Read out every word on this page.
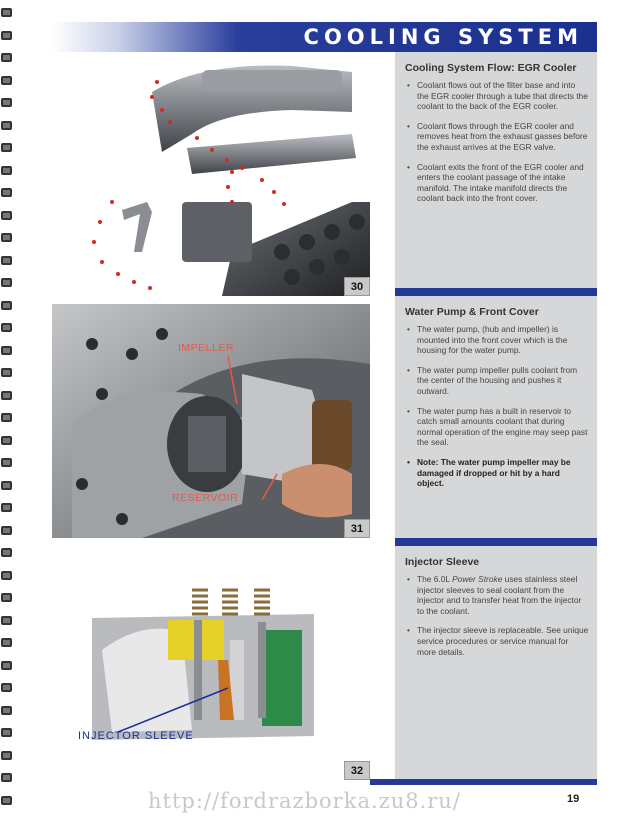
COOLING SYSTEM
30
Cooling System Flow: EGR Cooler
• Coolant flows out of the filter base and into the EGR cooler through a tube that directs the coolant to the back of the EGR cooler.
• Coolant flows through the EGR cooler and removes heat from the exhaust gasses before the exhaust arrives at the EGR valve.
• Coolant exits the front of the EGR cooler and enters the coolant passage of the intake manifold. The intake manifold directs the coolant back into the front cover.
IMPELLER
RESERVOIR
31
Water Pump & Front Cover
• The water pump, (hub and impeller) is mounted into the front cover which is the housing for the water pump.
• The water pump impeller pulls coolant from the center of the housing and pushes it outward.
• The water pump has a built in reservoir to catch small amounts coolant that during normal operation of the engine may seep past the seal.
• Note: The water pump impeller may be damaged if dropped or hit by a hard object.
INJECTOR SLEEVE
32
Injector Sleeve
• The 6.0L Power Stroke uses stainless steel injector sleeves to seal coolant from the injector and to transfer heat from the injector to the coolant.
• The injector sleeve is replaceable. See unique service procedures or service manual for more details.
http://fordrazborka.zu8.ru/	19
